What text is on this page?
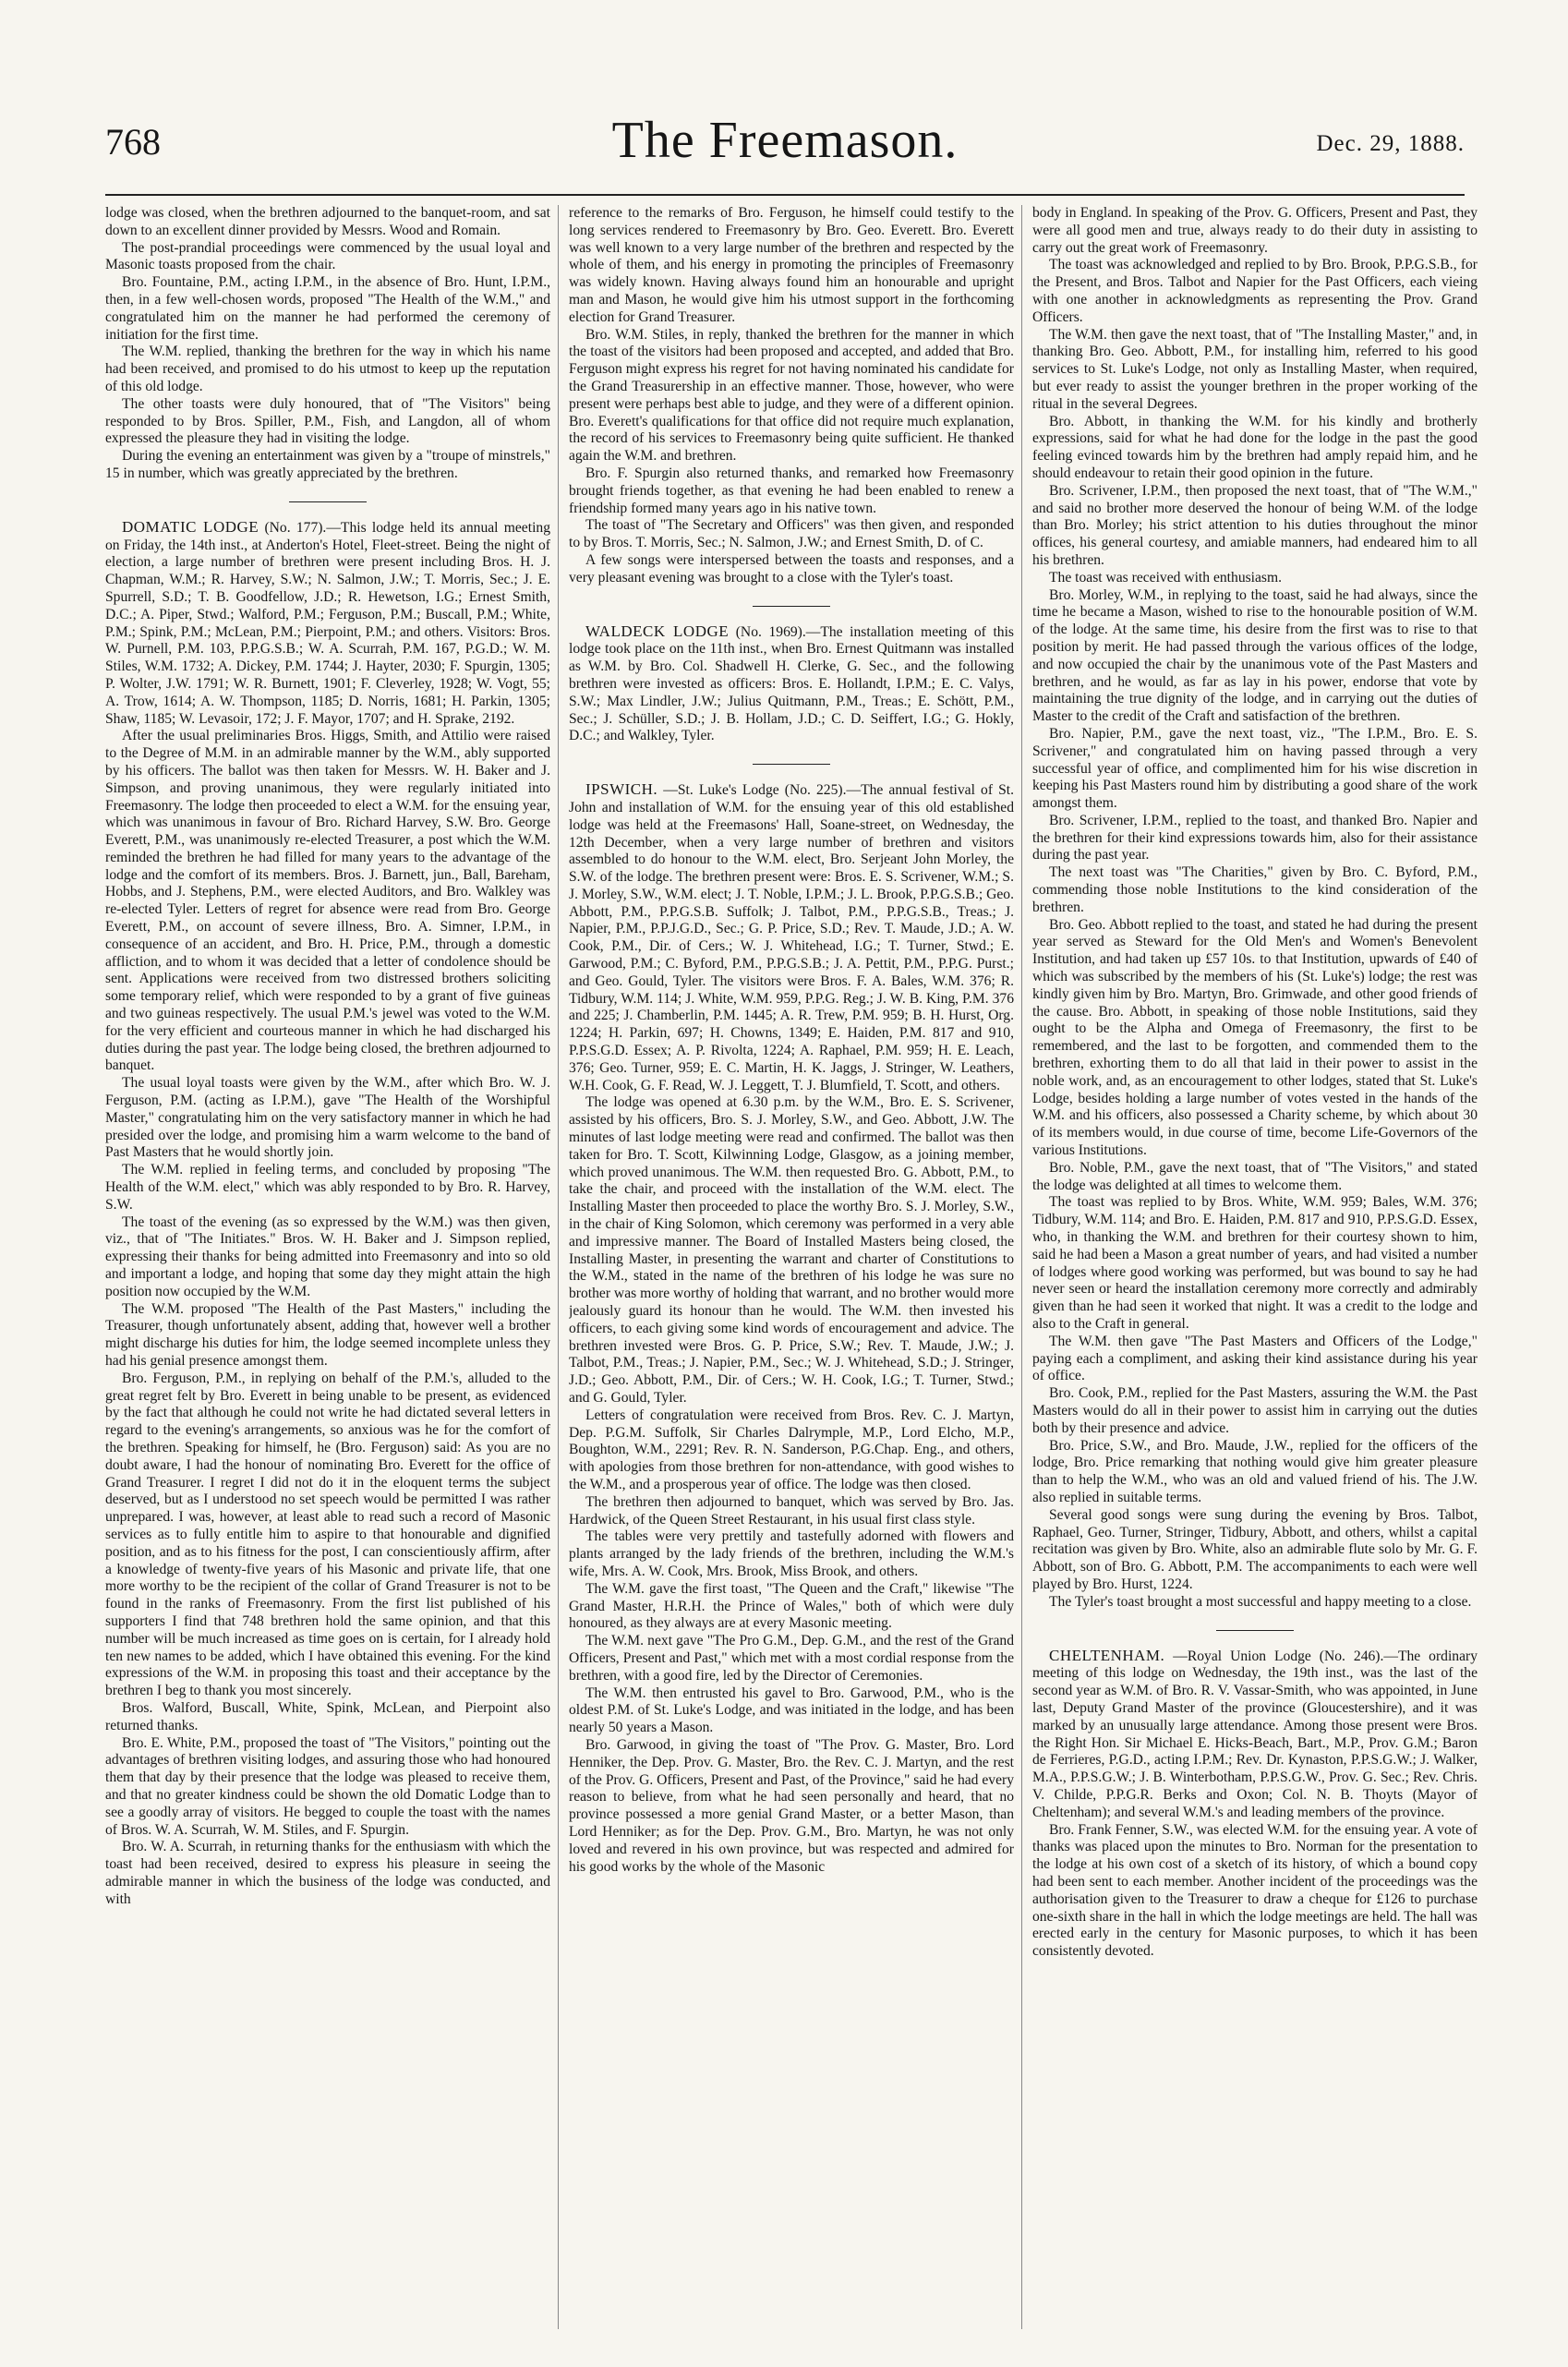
768	The Freemason.	Dec. 29, 1888.

lodge was closed, when the brethren adjourned to the banquet-room, and sat down to an excellent dinner provided by Messrs. Wood and Romain.

The post-prandial proceedings were commenced by the usual loyal and Masonic toasts proposed from the chair.

Bro. Fountaine, P.M., acting I.P.M., in the absence of Bro. Hunt, I.P.M., then, in a few well-chosen words, proposed "The Health of the W.M.," and congratulated him on the manner he had performed the ceremony of initiation for the first time.

The W.M. replied, thanking the brethren for the way in which his name had been received, and promised to do his utmost to keep up the reputation of this old lodge.

The other toasts were duly honoured, that of "The Visitors" being responded to by Bros. Spiller, P.M., Fish, and Langdon, all of whom expressed the pleasure they had in visiting the lodge.

During the evening an entertainment was given by a "troupe of minstrels," 15 in number, which was greatly appreciated by the brethren.

DOMATIC LODGE (No. 177).—This lodge held its annual meeting on Friday, the 14th inst., at Anderton's Hotel, Fleet-street. Being the night of election, a large number of brethren were present including Bros. H. J. Chapman, W.M.; R. Harvey, S.W.; N. Salmon, J.W.; T. Morris, Sec.; J. E. Spurrell, S.D.; T. B. Goodfellow, J.D.; R. Hewetson, I.G.; Ernest Smith, D.C.; A. Piper, Stwd.; Walford, P.M.; Ferguson, P.M.; Buscall, P.M.; White, P.M.; Spink, P.M.; McLean, P.M.; Pierpoint, P.M.; and others. Visitors: Bros. W. Purnell, P.M. 103, P.P.G.S.B.; W. A. Scurrah, P.M. 167, P.G.D.; W. M. Stiles, W.M. 1732; A. Dickey, P.M. 1744; J. Hayter, 2030; F. Spurgin, 1305; P. Wolter, J.W. 1791; W. R. Burnett, 1901; F. Cleverley, 1928; W. Vogt, 55; A. Trow, 1614; A. W. Thompson, 1185; D. Norris, 1681; H. Parkin, 1305; Shaw, 1185; W. Levasoir, 172; J. F. Mayor, 1707; and H. Sprake, 2192.

After the usual preliminaries Bros. Higgs, Smith, and Attilio were raised to the Degree of M.M. in an admirable manner by the W.M., ably supported by his officers. The ballot was then taken for Messrs. W. H. Baker and J. Simpson, and proving unanimous, they were regularly initiated into Freemasonry. The lodge then proceeded to elect a W.M. for the ensuing year, which was unanimous in favour of Bro. Richard Harvey, S.W. Bro. George Everett, P.M., was unanimously re-elected Treasurer, a post which the W.M. reminded the brethren he had filled for many years to the advantage of the lodge and the comfort of its members. Bros. J. Barnett, jun., Ball, Bareham, Hobbs, and J. Stephens, P.M., were elected Auditors, and Bro. Walkley was re-elected Tyler. Letters of regret for absence were read from Bro. George Everett, P.M., on account of severe illness, Bro. A. Simner, I.P.M., in consequence of an accident, and Bro. H. Price, P.M., through a domestic affliction, and to whom it was decided that a letter of condolence should be sent. Applications were received from two distressed brothers soliciting some temporary relief, which were responded to by a grant of five guineas and two guineas respectively. The usual P.M.'s jewel was voted to the W.M. for the very efficient and courteous manner in which he had discharged his duties during the past year. The lodge being closed, the brethren adjourned to banquet.

The usual loyal toasts were given by the W.M., after which Bro. W. J. Ferguson, P.M. (acting as I.P.M.), gave "The Health of the Worshipful Master," congratulating him on the very satisfactory manner in which he had presided over the lodge, and promising him a warm welcome to the band of Past Masters that he would shortly join.

The W.M. replied in feeling terms, and concluded by proposing "The Health of the W.M. elect," which was ably responded to by Bro. R. Harvey, S.W.

The toast of the evening (as so expressed by the W.M.) was then given, viz., that of "The Initiates." Bros. W. H. Baker and J. Simpson replied, expressing their thanks for being admitted into Freemasonry and into so old and important a lodge, and hoping that some day they might attain the high position now occupied by the W.M.

The W.M. proposed "The Health of the Past Masters," including the Treasurer, though unfortunately absent, adding that, however well a brother might discharge his duties for him, the lodge seemed incomplete unless they had his genial presence amongst them.

Bro. Ferguson, P.M., in replying on behalf of the P.M.'s, alluded to the great regret felt by Bro. Everett in being unable to be present, as evidenced by the fact that although he could not write he had dictated several letters in regard to the evening's arrangements, so anxious was he for the comfort of the brethren. Speaking for himself, he (Bro. Ferguson) said: As you are no doubt aware, I had the honour of nominating Bro. Everett for the office of Grand Treasurer. I regret I did not do it in the eloquent terms the subject deserved, but as I understood no set speech would be permitted I was rather unprepared. I was, however, at least able to read such a record of Masonic services as to fully entitle him to aspire to that honourable and dignified position, and as to his fitness for the post, I can conscientiously affirm, after a knowledge of twenty-five years of his Masonic and private life, that one more worthy to be the recipient of the collar of Grand Treasurer is not to be found in the ranks of Freemasonry. From the first list published of his supporters I find that 748 brethren hold the same opinion, and that this number will be much increased as time goes on is certain, for I already hold ten new names to be added, which I have obtained this evening. For the kind expressions of the W.M. in proposing this toast and their acceptance by the brethren I beg to thank you most sincerely.

Bros. Walford, Buscall, White, Spink, McLean, and Pierpoint also returned thanks.

Bro. E. White, P.M., proposed the toast of "The Visitors," pointing out the advantages of brethren visiting lodges, and assuring those who had honoured them that day by their presence that the lodge was pleased to receive them, and that no greater kindness could be shown the old Domatic Lodge than to see a goodly array of visitors. He begged to couple the toast with the names of Bros. W. A. Scurrah, W. M. Stiles, and F. Spurgin.

Bro. W. A. Scurrah, in returning thanks for the enthusiasm with which the toast had been received, desired to express his pleasure in seeing the admirable manner in which the business of the lodge was conducted, and with

reference to the remarks of Bro. Ferguson, he himself could testify to the long services rendered to Freemasonry by Bro. Geo. Everett. Bro. Everett was well known to a very large number of the brethren and respected by the whole of them, and his energy in promoting the principles of Freemasonry was widely known. Having always found him an honourable and upright man and Mason, he would give him his utmost support in the forthcoming election for Grand Treasurer.

Bro. W.M. Stiles, in reply, thanked the brethren for the manner in which the toast of the visitors had been proposed and accepted, and added that Bro. Ferguson might express his regret for not having nominated his candidate for the Grand Treasurership in an effective manner. Those, however, who were present were perhaps best able to judge, and they were of a different opinion. Bro. Everett's qualifications for that office did not require much explanation, the record of his services to Freemasonry being quite sufficient. He thanked again the W.M. and brethren.

Bro. F. Spurgin also returned thanks, and remarked how Freemasonry brought friends together, as that evening he had been enabled to renew a friendship formed many years ago in his native town.

The toast of "The Secretary and Officers" was then given, and responded to by Bros. T. Morris, Sec.; N. Salmon, J.W.; and Ernest Smith, D. of C.

A few songs were interspersed between the toasts and responses, and a very pleasant evening was brought to a close with the Tyler's toast.

WALDECK LODGE (No. 1969).—The installation meeting of this lodge took place on the 11th inst., when Bro. Ernest Quitmann was installed as W.M. by Bro. Col. Shadwell H. Clerke, G. Sec., and the following brethren were invested as officers: Bros. E. Hollandt, I.P.M.; E. C. Valys, S.W.; Max Lindler, J.W.; Julius Quitmann, P.M., Treas.; E. Schött, P.M., Sec.; J. Schüller, S.D.; J. B. Hollam, J.D.; C. D. Seiffert, I.G.; G. Hokly, D.C.; and Walkley, Tyler.

IPSWICH. —St. Luke's Lodge (No. 225).—The annual festival of St. John and installation of W.M. for the ensuing year of this old established lodge was held at the Freemasons' Hall, Soane-street, on Wednesday, the 12th December, when a very large number of brethren and visitors assembled to do honour to the W.M. elect, Bro. Serjeant John Morley, the S.W. of the lodge. The brethren present were: Bros. E. S. Scrivener, W.M.; S. J. Morley, S.W., W.M. elect; J. T. Noble, I.P.M.; J. L. Brook, P.P.G.S.B.; Geo. Abbott, P.M., P.P.G.S.B. Suffolk; J. Talbot, P.M., P.P.G.S.B., Treas.; J. Napier, P.M., P.P.J.G.D., Sec.; G. P. Price, S.D.; Rev. T. Maude, J.D.; A. W. Cook, P.M., Dir. of Cers.; W. J. Whitehead, I.G.; T. Turner, Stwd.; E. Garwood, P.M.; C. Byford, P.M., P.P.G.S.B.; J. A. Pettit, P.M., P.P.G. Purst.; and Geo. Gould, Tyler. The visitors were Bros. F. A. Bales, W.M. 376; R. Tidbury, W.M. 114; J. White, W.M. 959, P.P.G. Reg.; J. W. B. King, P.M. 376 and 225; J. Chamberlin, P.M. 1445; A. R. Trew, P.M. 959; B. H. Hurst, Org. 1224; H. Parkin, 697; H. Chowns, 1349; E. Haiden, P.M. 817 and 910, P.P.S.G.D. Essex; A. P. Rivolta, 1224; A. Raphael, P.M. 959; H. E. Leach, 376; Geo. Turner, 959; E. C. Martin, H. K. Jaggs, J. Stringer, W. Leathers, W.H. Cook, G. F. Read, W. J. Leggett, T. J. Blumfield, T. Scott, and others.

The lodge was opened at 6.30 p.m. by the W.M., Bro. E. S. Scrivener, assisted by his officers, Bro. S. J. Morley, S.W., and Geo. Abbott, J.W. The minutes of last lodge meeting were read and confirmed. The ballot was then taken for Bro. T. Scott, Kilwinning Lodge, Glasgow, as a joining member, which proved unanimous. The W.M. then requested Bro. G. Abbott, P.M., to take the chair, and proceed with the installation of the W.M. elect. The Installing Master then proceeded to place the worthy Bro. S. J. Morley, S.W., in the chair of King Solomon, which ceremony was performed in a very able and impressive manner. The Board of Installed Masters being closed, the Installing Master, in presenting the warrant and charter of Constitutions to the W.M., stated in the name of the brethren of his lodge he was sure no brother was more worthy of holding that warrant, and no brother would more jealously guard its honour than he would. The W.M. then invested his officers, to each giving some kind words of encouragement and advice. The brethren invested were Bros. G. P. Price, S.W.; Rev. T. Maude, J.W.; J. Talbot, P.M., Treas.; J. Napier, P.M., Sec.; W. J. Whitehead, S.D.; J. Stringer, J.D.; Geo. Abbott, P.M., Dir. of Cers.; W. H. Cook, I.G.; T. Turner, Stwd.; and G. Gould, Tyler.

Letters of congratulation were received from Bros. Rev. C. J. Martyn, Dep. P.G.M. Suffolk, Sir Charles Dalrymple, M.P., Lord Elcho, M.P., Boughton, W.M., 2291; Rev. R. N. Sanderson, P.G.Chap. Eng., and others, with apologies from those brethren for non-attendance, with good wishes to the W.M., and a prosperous year of office. The lodge was then closed.

The brethren then adjourned to banquet, which was served by Bro. Jas. Hardwick, of the Queen Street Restaurant, in his usual first class style.

The tables were very prettily and tastefully adorned with flowers and plants arranged by the lady friends of the brethren, including the W.M.'s wife, Mrs. A. W. Cook, Mrs. Brook, Miss Brook, and others.

The W.M. gave the first toast, "The Queen and the Craft," likewise "The Grand Master, H.R.H. the Prince of Wales," both of which were duly honoured, as they always are at every Masonic meeting.

The W.M. next gave "The Pro G.M., Dep. G.M., and the rest of the Grand Officers, Present and Past," which met with a most cordial response from the brethren, with a good fire, led by the Director of Ceremonies.

The W.M. then entrusted his gavel to Bro. Garwood, P.M., who is the oldest P.M. of St. Luke's Lodge, and was initiated in the lodge, and has been nearly 50 years a Mason.

Bro. Garwood, in giving the toast of "The Prov. G. Master, Bro. Lord Henniker, the Dep. Prov. G. Master, Bro. the Rev. C. J. Martyn, and the rest of the Prov. G. Officers, Present and Past, of the Province," said he had every reason to believe, from what he had seen personally and heard, that no province possessed a more genial Grand Master, or a better Mason, than Lord Henniker; as for the Dep. Prov. G.M., Bro. Martyn, he was not only loved and revered in his own province, but was respected and admired for his good works by the whole of the Masonic

body in England. In speaking of the Prov. G. Officers, Present and Past, they were all good men and true, always ready to do their duty in assisting to carry out the great work of Freemasonry.

The toast was acknowledged and replied to by Bro. Brook, P.P.G.S.B., for the Present, and Bros. Talbot and Napier for the Past Officers, each vieing with one another in acknowledgments as representing the Prov. Grand Officers.

The W.M. then gave the next toast, that of "The Installing Master," and, in thanking Bro. Geo. Abbott, P.M., for installing him, referred to his good services to St. Luke's Lodge, not only as Installing Master, when required, but ever ready to assist the younger brethren in the proper working of the ritual in the several Degrees.

Bro. Abbott, in thanking the W.M. for his kindly and brotherly expressions, said for what he had done for the lodge in the past the good feeling evinced towards him by the brethren had amply repaid him, and he should endeavour to retain their good opinion in the future.

Bro. Scrivener, I.P.M., then proposed the next toast, that of "The W.M.," and said no brother more deserved the honour of being W.M. of the lodge than Bro. Morley; his strict attention to his duties throughout the minor offices, his general courtesy, and amiable manners, had endeared him to all his brethren.

The toast was received with enthusiasm.

Bro. Morley, W.M., in replying to the toast, said he had always, since the time he became a Mason, wished to rise to the honourable position of W.M. of the lodge. At the same time, his desire from the first was to rise to that position by merit. He had passed through the various offices of the lodge, and now occupied the chair by the unanimous vote of the Past Masters and brethren, and he would, as far as lay in his power, endorse that vote by maintaining the true dignity of the lodge, and in carrying out the duties of Master to the credit of the Craft and satisfaction of the brethren.

Bro. Napier, P.M., gave the next toast, viz., "The I.P.M., Bro. E. S. Scrivener," and congratulated him on having passed through a very successful year of office, and complimented him for his wise discretion in keeping his Past Masters round him by distributing a good share of the work amongst them.

Bro. Scrivener, I.P.M., replied to the toast, and thanked Bro. Napier and the brethren for their kind expressions towards him, also for their assistance during the past year.

The next toast was "The Charities," given by Bro. C. Byford, P.M., commending those noble Institutions to the kind consideration of the brethren.

Bro. Geo. Abbott replied to the toast, and stated he had during the present year served as Steward for the Old Men's and Women's Benevolent Institution, and had taken up £57 10s. to that Institution, upwards of £40 of which was subscribed by the members of his (St. Luke's) lodge; the rest was kindly given him by Bro. Martyn, Bro. Grimwade, and other good friends of the cause. Bro. Abbott, in speaking of those noble Institutions, said they ought to be the Alpha and Omega of Freemasonry, the first to be remembered, and the last to be forgotten, and commended them to the brethren, exhorting them to do all that laid in their power to assist in the noble work, and, as an encouragement to other lodges, stated that St. Luke's Lodge, besides holding a large number of votes vested in the hands of the W.M. and his officers, also possessed a Charity scheme, by which about 30 of its members would, in due course of time, become Life-Governors of the various Institutions.

Bro. Noble, P.M., gave the next toast, that of "The Visitors," and stated the lodge was delighted at all times to welcome them.

The toast was replied to by Bros. White, W.M. 959; Bales, W.M. 376; Tidbury, W.M. 114; and Bro. E. Haiden, P.M. 817 and 910, P.P.S.G.D. Essex, who, in thanking the W.M. and brethren for their courtesy shown to him, said he had been a Mason a great number of years, and had visited a number of lodges where good working was performed, but was bound to say he had never seen or heard the installation ceremony more correctly and admirably given than he had seen it worked that night. It was a credit to the lodge and also to the Craft in general.

The W.M. then gave "The Past Masters and Officers of the Lodge," paying each a compliment, and asking their kind assistance during his year of office.

Bro. Cook, P.M., replied for the Past Masters, assuring the W.M. the Past Masters would do all in their power to assist him in carrying out the duties both by their presence and advice.

Bro. Price, S.W., and Bro. Maude, J.W., replied for the officers of the lodge, Bro. Price remarking that nothing would give him greater pleasure than to help the W.M., who was an old and valued friend of his. The J.W. also replied in suitable terms.

Several good songs were sung during the evening by Bros. Talbot, Raphael, Geo. Turner, Stringer, Tidbury, Abbott, and others, whilst a capital recitation was given by Bro. White, also an admirable flute solo by Mr. G. F. Abbott, son of Bro. G. Abbott, P.M. The accompaniments to each were well played by Bro. Hurst, 1224.

The Tyler's toast brought a most successful and happy meeting to a close.

CHELTENHAM. —Royal Union Lodge (No. 246).—The ordinary meeting of this lodge on Wednesday, the 19th inst., was the last of the second year as W.M. of Bro. R. V. Vassar-Smith, who was appointed, in June last, Deputy Grand Master of the province (Gloucestershire), and it was marked by an unusually large attendance. Among those present were Bros. the Right Hon. Sir Michael E. Hicks-Beach, Bart., M.P., Prov. G.M.; Baron de Ferrieres, P.G.D., acting I.P.M.; Rev. Dr. Kynaston, P.P.S.G.W.; J. Walker, M.A., P.P.S.G.W.; J. B. Winterbotham, P.P.S.G.W., Prov. G. Sec.; Rev. Chris. V. Childe, P.P.G.R. Berks and Oxon; Col. N. B. Thoyts (Mayor of Cheltenham); and several W.M.'s and leading members of the province.

Bro. Frank Fenner, S.W., was elected W.M. for the ensuing year. A vote of thanks was placed upon the minutes to Bro. Norman for the presentation to the lodge at his own cost of a sketch of its history, of which a bound copy had been sent to each member. Another incident of the proceedings was the authorisation given to the Treasurer to draw a cheque for £126 to purchase one-sixth share in the hall in which the lodge meetings are held. The hall was erected early in the century for Masonic purposes, to which it has been consistently devoted.
